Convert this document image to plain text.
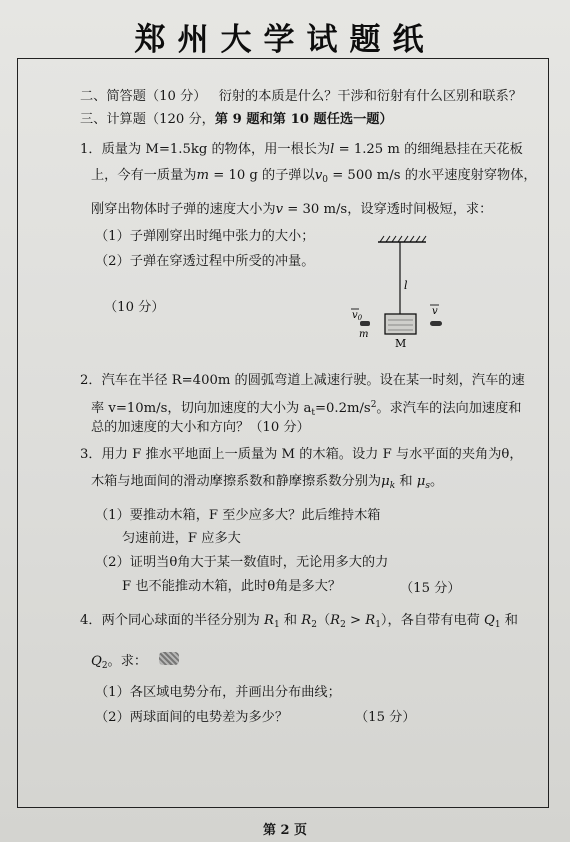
郑州大学试题纸
二、简答题（10 分） 衍射的本质是什么？干涉和衍射有什么区别和联系？
三、计算题（120 分，第 9 题和第 10 题任选一题）
1．质量为 M=1.5kg 的物体，用一根长为l = 1.25 m 的细绳悬挂在天花板
上，今有一质量为m = 10 g 的子弹以$v_0 = 500$ m/s 的水平速度射穿物体，
刚穿出物体时子弹的速度大小为v = 30 m/s，设穿透时间极短，求：
（1）子弹刚穿出时绳中张力的大小；
（2）子弹在穿透过程中所受的冲量。
（10 分）
l
M
$v_0$
m
v
2．汽车在半径 R=400m 的圆弧弯道上减速行驶。设在某一时刻，汽车的速
率 v=10m/s，切向加速度的大小为 $a_t=0.2m/s^2$。求汽车的法向加速度和
总的加速度的大小和方向？（10 分）
3．用力 F 推水平地面上一质量为 M 的木箱。设力 F 与水平面的夹角为θ，
木箱与地面间的滑动摩擦系数和静摩擦系数分别为$\mu_k$ 和 $\mu_s$。
（1）要推动木箱，F 至少应多大？此后维持木箱
匀速前进，F 应多大
（2）证明当θ角大于某一数值时，无论用多大的力
F 也不能推动木箱，此时θ角是多大？	（15 分）
4．两个同心球面的半径分别为 $R_1$ 和 $R_2(R_2 > R_1)$，各自带有电荷 $Q_1$ 和
$Q_2$。求：
（1）各区域电势分布，并画出分布曲线；
（2）两球面间的电势差为多少？	（15 分）
第 2 页
